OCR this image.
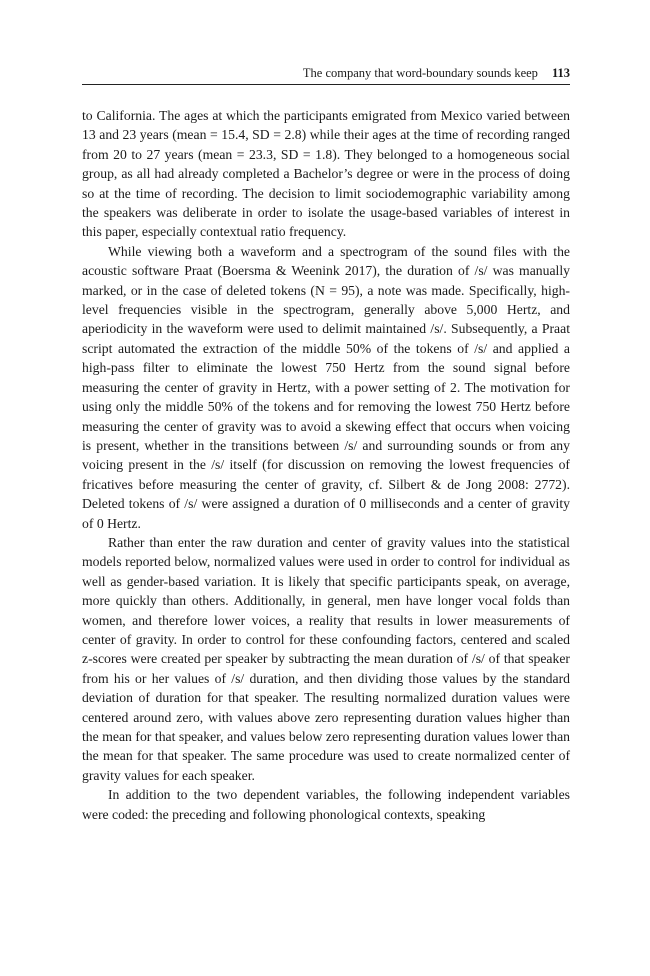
The company that word-boundary sounds keep 113

to California. The ages at which the participants emigrated from Mexico varied between 13 and 23 years (mean = 15.4, SD = 2.8) while their ages at the time of recording ranged from 20 to 27 years (mean = 23.3, SD = 1.8). They belonged to a homogeneous social group, as all had already completed a Bachelor’s degree or were in the process of doing so at the time of recording. The decision to limit sociodemographic variability among the speakers was deliberate in order to isolate the usage-based variables of interest in this paper, especially contextual ratio frequency.

While viewing both a waveform and a spectrogram of the sound files with the acoustic software Praat (Boersma & Weenink 2017), the duration of /s/ was manually marked, or in the case of deleted tokens (N = 95), a note was made. Specifically, high-level frequencies visible in the spectrogram, generally above 5,000 Hertz, and aperiodicity in the waveform were used to delimit maintained /s/. Subsequently, a Praat script automated the extraction of the middle 50% of the tokens of /s/ and applied a high-pass filter to eliminate the lowest 750 Hertz from the sound signal before measuring the center of gravity in Hertz, with a power setting of 2. The motivation for using only the middle 50% of the tokens and for removing the lowest 750 Hertz before measuring the center of gravity was to avoid a skewing effect that occurs when voicing is present, whether in the transitions between /s/ and surrounding sounds or from any voicing present in the /s/ itself (for discussion on removing the lowest frequencies of fricatives before measuring the center of gravity, cf. Silbert & de Jong 2008: 2772). Deleted tokens of /s/ were assigned a duration of 0 milliseconds and a center of gravity of 0 Hertz.

Rather than enter the raw duration and center of gravity values into the statistical models reported below, normalized values were used in order to control for individual as well as gender-based variation. It is likely that specific participants speak, on average, more quickly than others. Additionally, in general, men have longer vocal folds than women, and therefore lower voices, a reality that results in lower measurements of center of gravity. In order to control for these confounding factors, centered and scaled z-scores were created per speaker by subtracting the mean duration of /s/ of that speaker from his or her values of /s/ duration, and then dividing those values by the standard deviation of duration for that speaker. The resulting normalized duration values were centered around zero, with values above zero representing duration values higher than the mean for that speaker, and values below zero representing duration values lower than the mean for that speaker. The same procedure was used to create normalized center of gravity values for each speaker.

In addition to the two dependent variables, the following independent variables were coded: the preceding and following phonological contexts, speaking
